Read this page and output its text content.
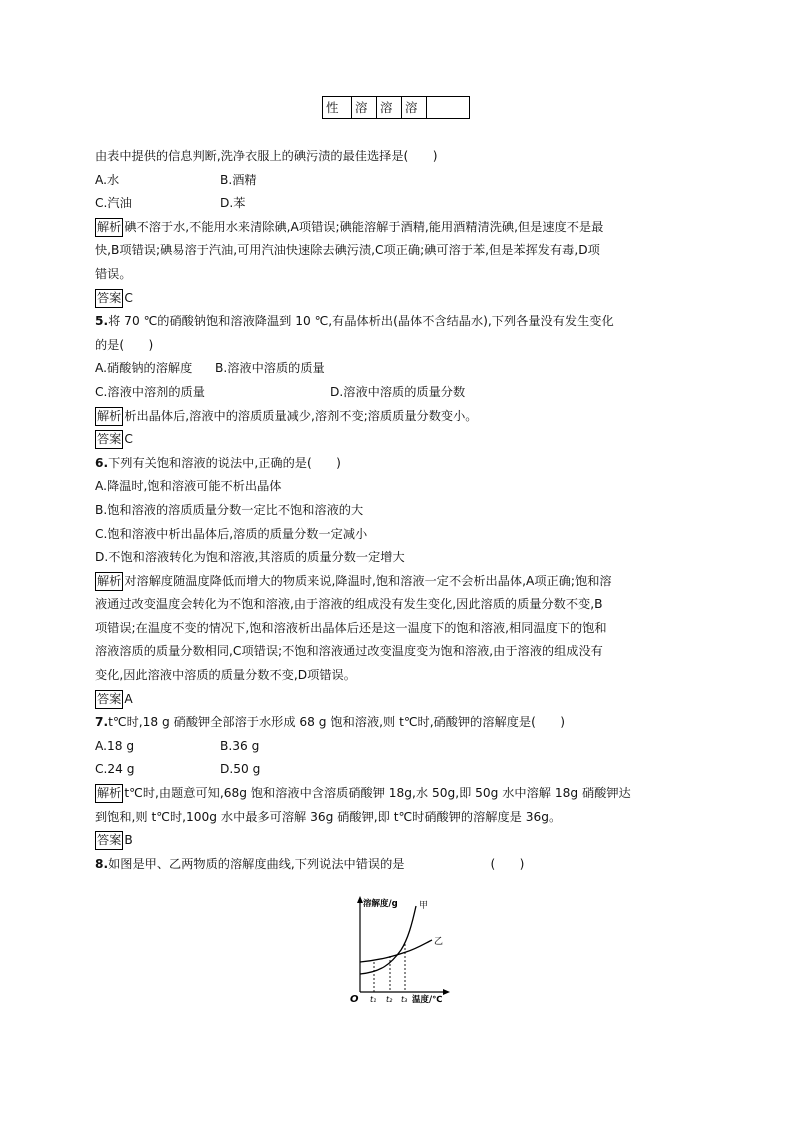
性	溶 溶 溶
由表中提供的信息判断,洗净衣服上的碘污渍的最佳选择是(　　)
A.水	B.酒精
C.汽油	D.苯
解析 碘不溶于水,不能用水来清除碘,A项错误;碘能溶解于酒精,能用酒精清洗碘,但是速度不是最
快,B项错误;碘易溶于汽油,可用汽油快速除去碘污渍,C项正确;碘可溶于苯,但是苯挥发有毒,D项
错误。
答案 C
5.将 70 ℃的硝酸钠饱和溶液降温到 10 ℃,有晶体析出(晶体不含结晶水),下列各量没有发生变化
的是(　　)
A.硝酸钠的溶解度 B.溶液中溶质的质量
C.溶液中溶剂的质量	D.溶液中溶质的质量分数
解析 析出晶体后,溶液中的溶质质量减少,溶剂不变;溶质质量分数变小。
答案 C
6.下列有关饱和溶液的说法中,正确的是(　　)
A.降温时,饱和溶液可能不析出晶体
B.饱和溶液的溶质质量分数一定比不饱和溶液的大
C.饱和溶液中析出晶体后,溶质的质量分数一定减小
D.不饱和溶液转化为饱和溶液,其溶质的质量分数一定增大
解析 对溶解度随温度降低而增大的物质来说,降温时,饱和溶液一定不会析出晶体,A项正确;饱和溶
液通过改变温度会转化为不饱和溶液,由于溶液的组成没有发生变化,因此溶质的质量分数不变,B
项错误;在温度不变的情况下,饱和溶液析出晶体后还是这一温度下的饱和溶液,相同温度下的饱和
溶液溶质的质量分数相同,C项错误;不饱和溶液通过改变温度变为饱和溶液,由于溶液的组成没有
变化,因此溶液中溶质的质量分数不变,D项错误。
答案 A
7.t℃时,18 g 硝酸钾全部溶于水形成 68 g 饱和溶液,则 t℃时,硝酸钾的溶解度是(　　)
A.18 g	B.36 g
C.24 g	D.50 g
解析 t℃时,由题意可知,68g 饱和溶液中含溶质硝酸钾 18g,水 50g,即 50g 水中溶解 18g 硝酸钾达
到饱和,则 t℃时,100g 水中最多可溶解 36g 硝酸钾,即 t℃时硝酸钾的溶解度是 36g。
答案 B
8.如图是甲、乙两物质的溶解度曲线,下列说法中错误的是	(　　)
溶解度/g 甲
乙
O t₁ t₂ t₃ 温度/℃
